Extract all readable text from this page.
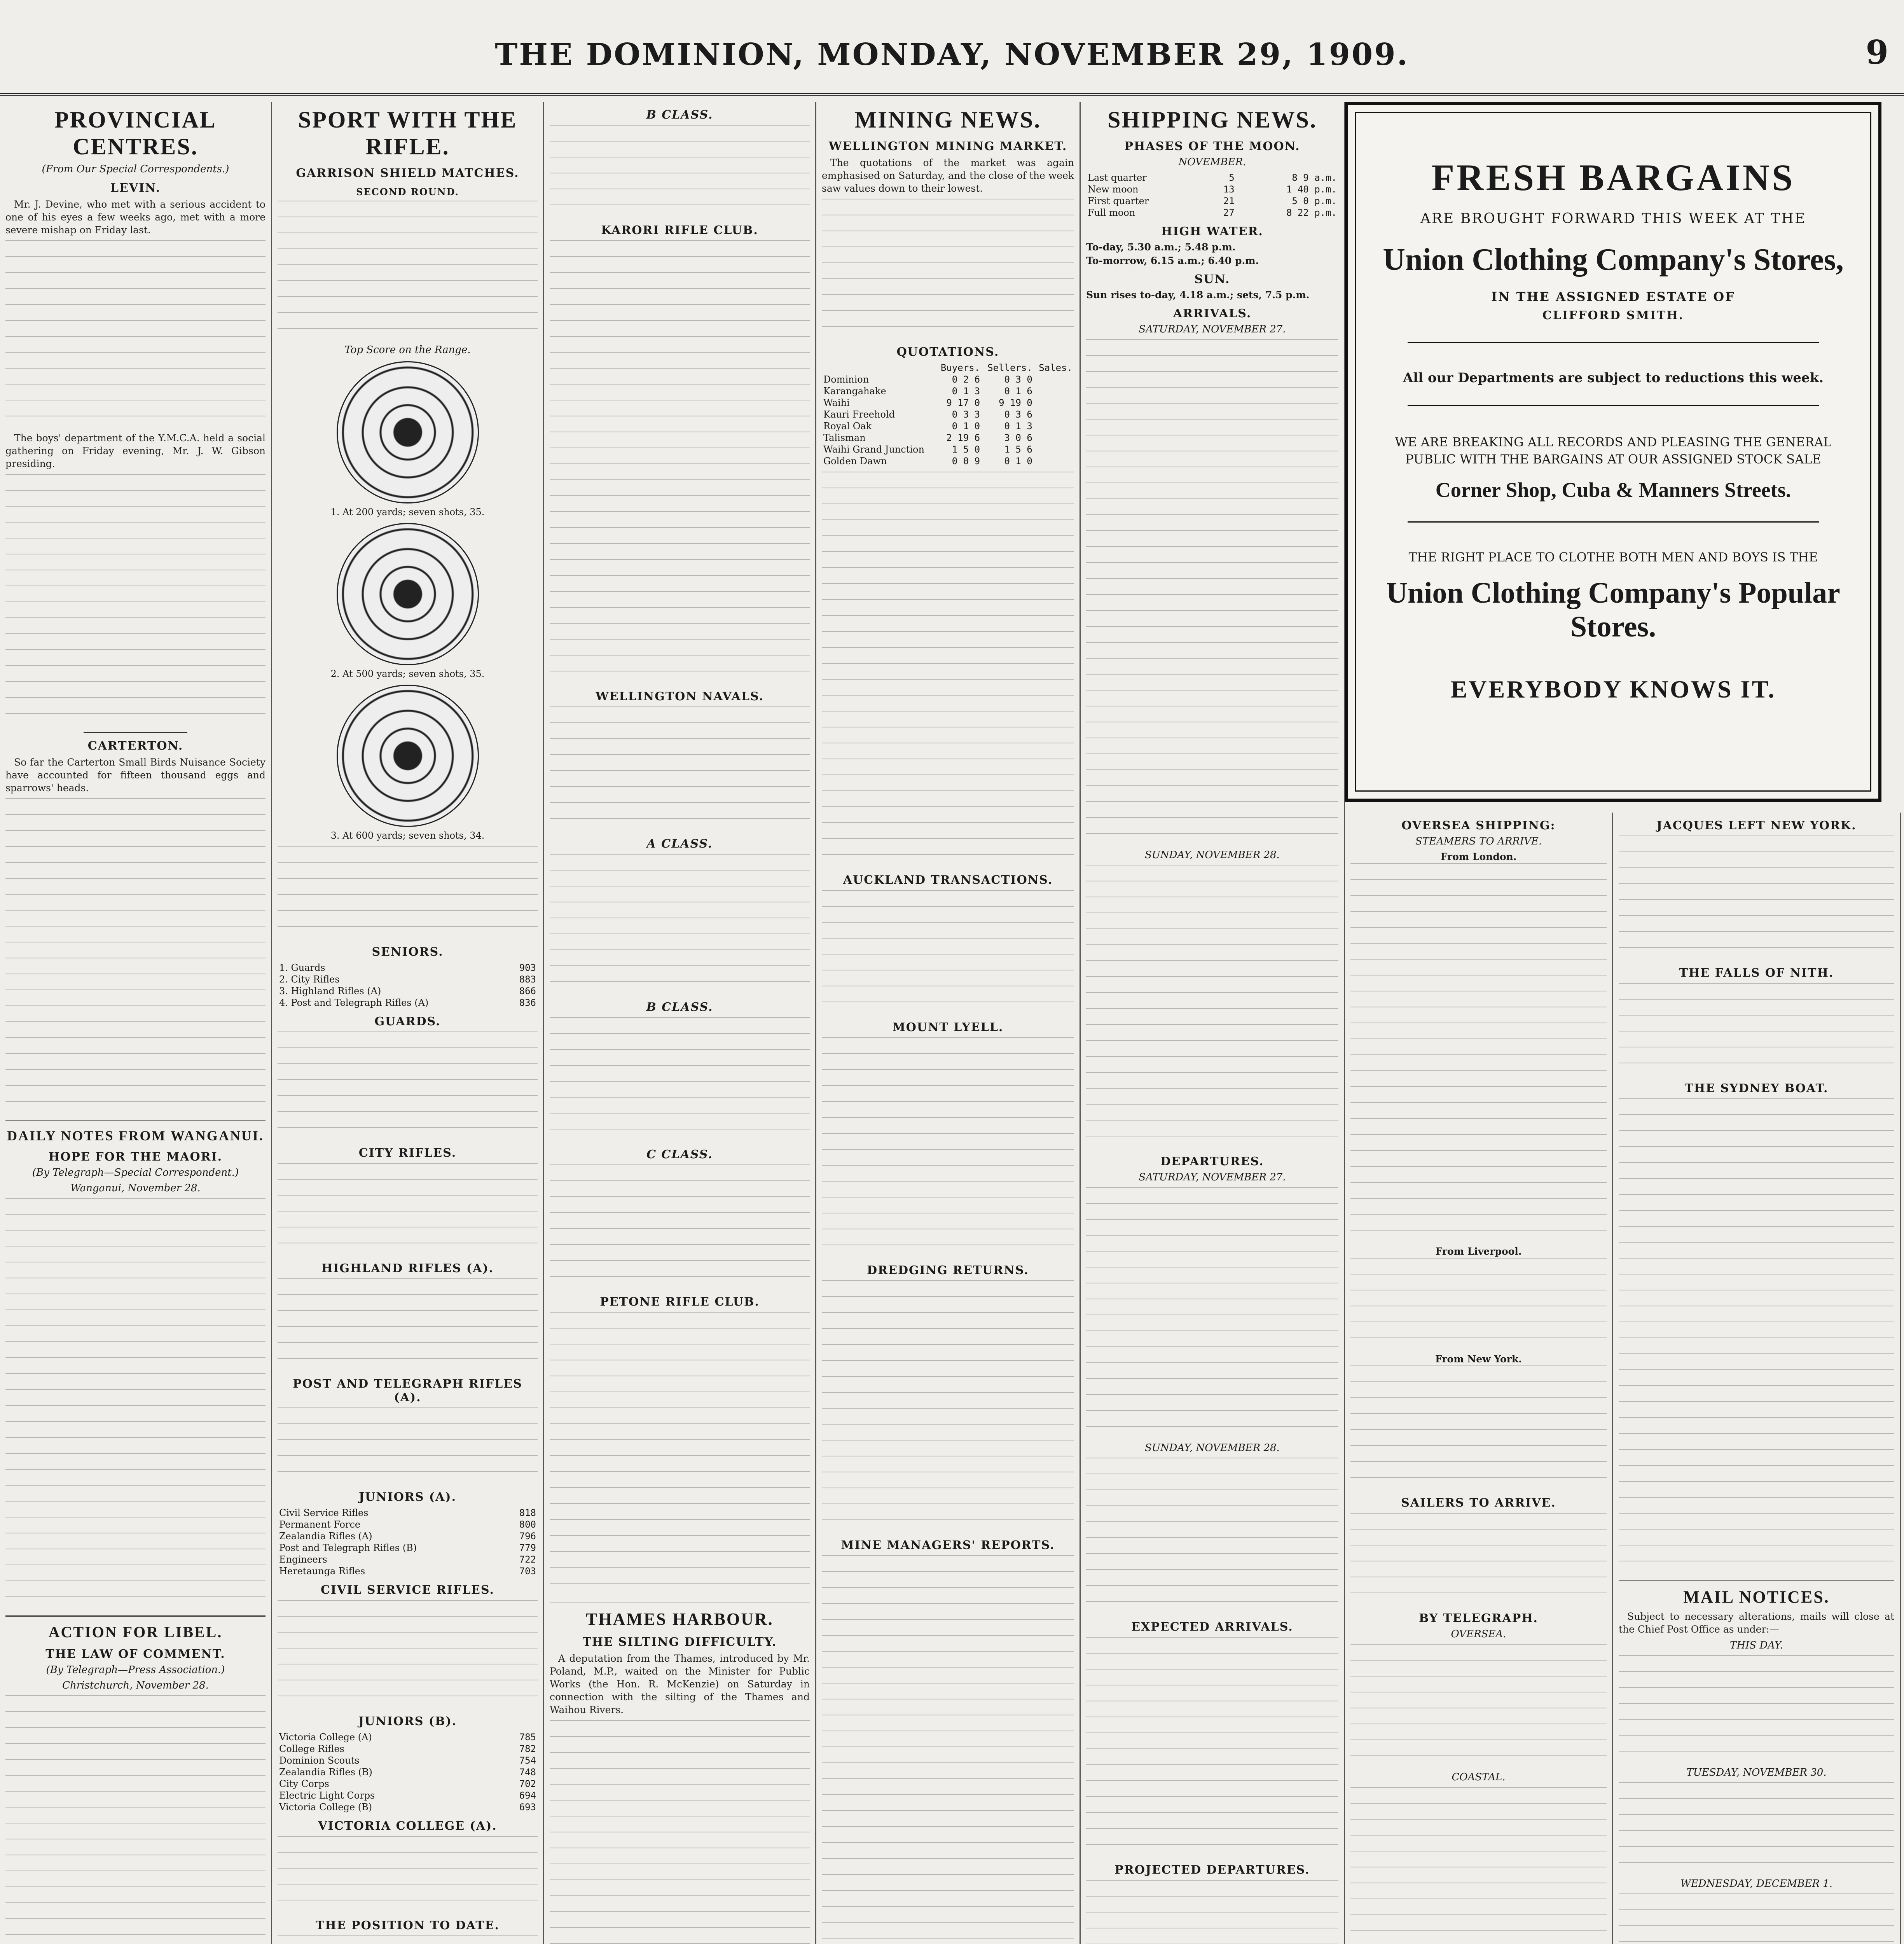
THE DOMINION, MONDAY, NOVEMBER 29, 1909.	9
PROVINCIAL CENTRES.
(From Our Special Correspondents.)
LEVIN.

Mr. J. Devine, who met with a serious accident to one of his eyes a few weeks ago, met with a more severe mishap on Friday last.

The boys' department of the Y.M.C.A. held a social gathering on Friday evening, Mr. J. W. Gibson presiding.

CARTERTON.

So far the Carterton Small Birds Nuisance Society have accounted for fifteen thousand eggs and sparrows' heads.

DAILY NOTES FROM WANGANUI.
HOPE FOR THE MAORI.
(By Telegraph—Special Correspondent.)
Wanganui, November 28.
ACTION FOR LIBEL.
THE LAW OF COMMENT.
(By Telegraph—Press Association.)
Christchurch, November 28.

SPORT WITH THE RIFLE.
GARRISON SHIELD MATCHES.
SECOND ROUND.
Top Score on the Range.
1. At 200 yards; seven shots, 35.
2. At 500 yards; seven shots, 35.
3. At 600 yards; seven shots, 34.
SENIORS.
1. Guards	903
2. City Rifles	883
3. Highland Rifles (A)	866
4. Post and Telegraph Rifles (A)	836
GUARDS.
CITY RIFLES.
HIGHLAND RIFLES (A).
POST AND TELEGRAPH RIFLES (A).
JUNIORS (A).
Civil Service Rifles	818
Permanent Force	800
Zealandia Rifles (A)	796
Post and Telegraph Rifles (B)	779
Engineers	722
Heretaunga Rifles	703
CIVIL SERVICE RIFLES.
JUNIORS (B).
Victoria College (A)	785
College Rifles	782
Dominion Scouts	754
Zealandia Rifles (B)	748
City Corps	702
Electric Light Corps	694
Victoria College (B)	693
VICTORIA COLLEGE (A).
THE POSITION TO DATE.
B CLASS.
KARORI RIFLE CLUB.
WELLINGTON NAVALS.
A CLASS.
B CLASS.
C CLASS.
PETONE RIFLE CLUB.
THAMES HARBOUR.
THE SILTING DIFFICULTY.

A deputation from the Thames, introduced by Mr. Poland, M.P., waited on the Minister for Public Works (the Hon. R. McKenzie) on Saturday in connection with the silting of the Thames and Waihou Rivers.

MINING NEWS.
WELLINGTON MINING MARKET.

The quotations of the market was again emphasised on Saturday, and the close of the week saw values down to their lowest.

QUOTATIONS.
	Buyers.	Sellers.	Sales.
Dominion	0 2 6	0 3 0	
Karangahake	0 1 3	0 1 6	
Waihi	9 17 0	9 19 0	
Kauri Freehold	0 3 3	0 3 6	
Royal Oak	0 1 0	0 1 3	
Talisman	2 19 6	3 0 6	
Waihi Grand Junction	1 5 0	1 5 6	
Golden Dawn	0 0 9	0 1 0	
AUCKLAND TRANSACTIONS.
MOUNT LYELL.
DREDGING RETURNS.
MINE MANAGERS' REPORTS.

SHIPPING NEWS.
PHASES OF THE MOON.
NOVEMBER.
Last quarter	5	8 9 a.m.
New moon	13	1 40 p.m.
First quarter	21	5 0 p.m.
Full moon	27	8 22 p.m.
HIGH WATER.
To-day, 5.30 a.m.; 5.48 p.m.
To-morrow, 6.15 a.m.; 6.40 p.m.
SUN.
Sun rises to-day, 4.18 a.m.; sets, 7.5 p.m.
ARRIVALS.
SATURDAY, NOVEMBER 27.
SUNDAY, NOVEMBER 28.
DEPARTURES.
SATURDAY, NOVEMBER 27.
SUNDAY, NOVEMBER 28.
EXPECTED ARRIVALS.
PROJECTED DEPARTURES.
FRESH BARGAINS
ARE BROUGHT FORWARD THIS WEEK AT THE
Union Clothing Company's Stores,
IN THE ASSIGNED ESTATE OF
CLIFFORD SMITH.
All our Departments are subject to reductions this week.
WE ARE BREAKING ALL RECORDS AND PLEASING THE GENERAL PUBLIC WITH THE BARGAINS AT OUR ASSIGNED STOCK SALE
Corner Shop, Cuba & Manners Streets.
THE RIGHT PLACE TO CLOTHE BOTH MEN AND BOYS IS THE
Union Clothing Company's Popular Stores.
EVERYBODY KNOWS IT.
OVERSEA SHIPPING:
STEAMERS TO ARRIVE.
From London.
From Liverpool.
From New York.
SAILERS TO ARRIVE.
BY TELEGRAPH.
OVERSEA.
COASTAL.
JACQUES LEFT NEW YORK.
THE FALLS OF NITH.
THE SYDNEY BOAT.
MAIL NOTICES.

Subject to necessary alterations, mails will close at the Chief Post Office as under:—

THIS DAY.
TUESDAY, NOVEMBER 30.
WEDNESDAY, DECEMBER 1.
